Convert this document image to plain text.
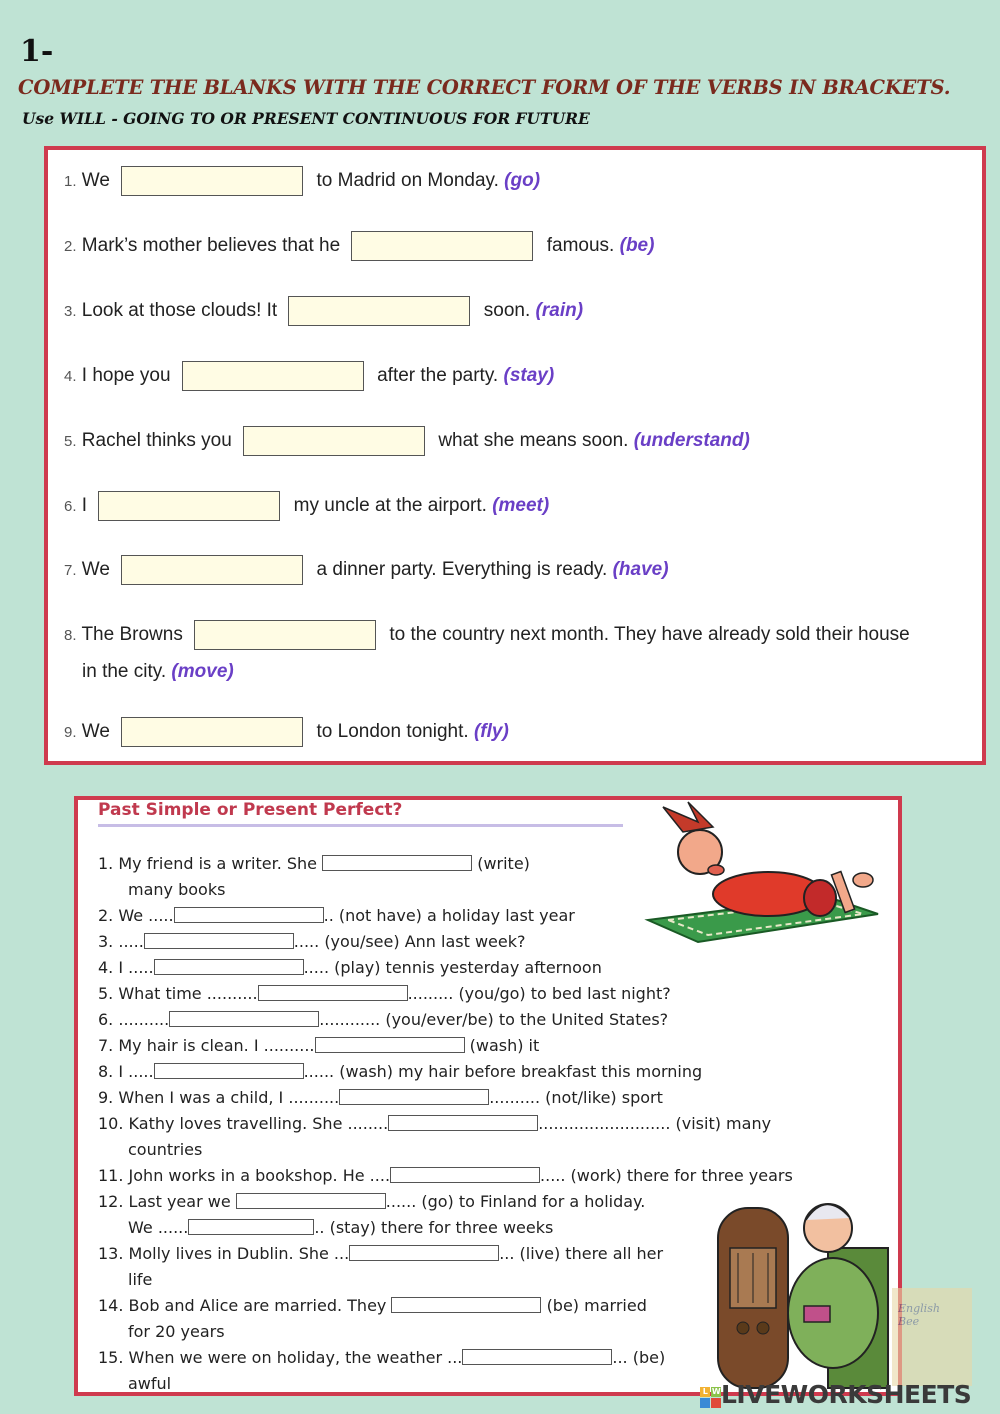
1-
COMPLETE THE BLANKS WITH THE CORRECT FORM OF THE VERBS IN BRACKETS.
Use WILL - GOING TO OR PRESENT CONTINUOUS FOR FUTURE
1. We	to Madrid on Monday. (go)
2. Mark’s mother believes that he	famous. (be)
3. Look at those clouds! It	soon. (rain)
4. I hope you	after the party. (stay)
5. Rachel thinks you	what she means soon. (understand)
6. I	my uncle at the airport. (meet)
7. We	a dinner party. Everything is ready. (have)
8. The Browns	to the country next month. They have already sold their house
in the city. (move)
9. We	to London tonight. (fly)
Past Simple or Present Perfect?
English
Bee
1. My friend is a writer. She	(write)
many books
2. We .....	.. (not have) a holiday last year
3. .....	..... (you/see) Ann last week?
4. I .....	..... (play) tennis yesterday afternoon
5. What time ..........	......... (you/go) to bed last night?
6. ..........	............ (you/ever/be) to the United States?
7. My hair is clean. I ..........	(wash) it
8. I .....	...... (wash) my hair before breakfast this morning
9. When I was a child, I ..........	.......... (not/like) sport
10. Kathy loves travelling. She ........	.......................... (visit) many
countries
11. John works in a bookshop. He ....	..... (work) there for three years
12. Last year we	...... (go) to Finland for a holiday.
We ......	.. (stay) there for three weeks
13. Molly lives in Dublin. She ...	... (live) there all her
life
14. Bob and Alice are married. They	(be) married
for 20 years
15. When we were on holiday, the weather ...	... (be)
awful	L W LIVEWORKSHEETS
